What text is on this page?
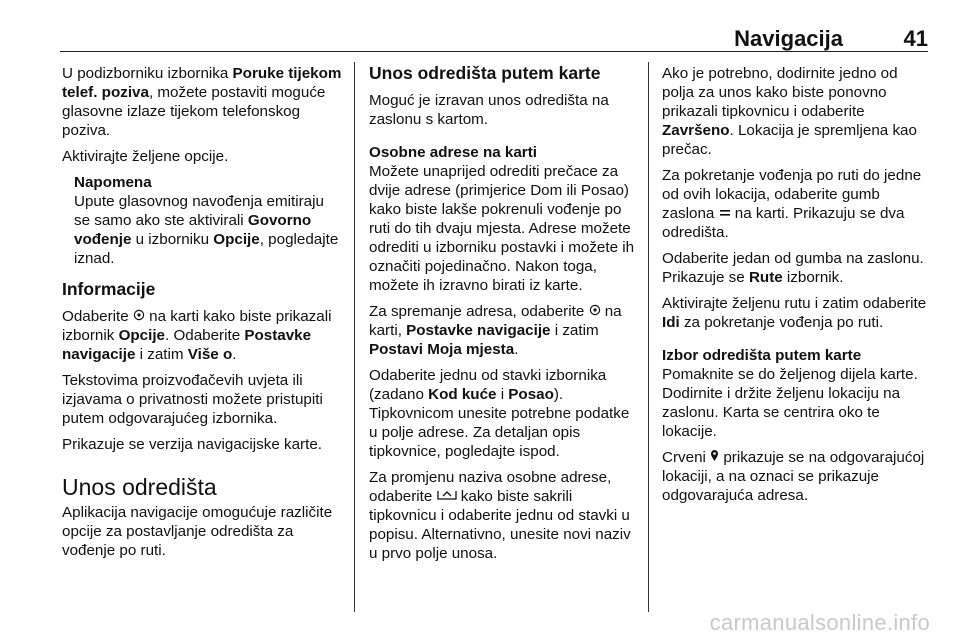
Navigacija	41

U podizborniku izbornika Poruke tijekom telef. poziva, možete postaviti moguće glasovne izlaze tijekom telefonskog poziva.

Aktivirajte željene opcije.

Napomena

Upute glasovnog navođenja emitiraju se samo ako ste aktivirali Govorno vođenje u izborniku Opcije, pogledajte iznad.

Informacije

Odaberite  na karti kako biste prikazali izbornik Opcije. Odaberite Postavke navigacije i zatim Više o.

Tekstovima proizvođačevih uvjeta ili izjavama o privatnosti možete pristupiti putem odgovarajućeg izbornika.

Prikazuje se verzija navigacijske karte.

Unos odredišta

Aplikacija navigacije omogućuje različite opcije za postavljanje odredišta za vođenje po ruti.

Unos odredišta putem karte

Moguć je izravan unos odredišta na zaslonu s kartom.

Osobne adrese na karti

Možete unaprijed odrediti prečace za dvije adrese (primjerice Dom ili Posao) kako biste lakše pokrenuli vođenje po ruti do tih dvaju mjesta. Adrese možete odrediti u izborniku postavki i možete ih označiti pojedinačno. Nakon toga, možete ih izravno birati iz karte.

Za spremanje adresa, odaberite  na karti, Postavke navigacije i zatim Postavi Moja mjesta.

Odaberite jednu od stavki izbornika (zadano Kod kuće i Posao). Tipkovnicom unesite potrebne podatke u polje adrese. Za detaljan opis tipkovnice, pogledajte ispod.

Za promjenu naziva osobne adrese, odaberite  kako biste sakrili tipkovnicu i odaberite jednu od stavki u popisu. Alternativno, unesite novi naziv u prvo polje unosa.

Ako je potrebno, dodirnite jedno od polja za unos kako biste ponovno prikazali tipkovnicu i odaberite Završeno. Lokacija je spremljena kao prečac.

Za pokretanje vođenja po ruti do jedne od ovih lokacija, odaberite gumb zaslona  na karti. Prikazuju se dva odredišta.

Odaberite jedan od gumba na zaslonu. Prikazuje se Rute izbornik.

Aktivirajte željenu rutu i zatim odaberite Idi za pokretanje vođenja po ruti.

Izbor odredišta putem karte

Pomaknite se do željenog dijela karte. Dodirnite i držite željenu lokaciju na zaslonu. Karta se centrira oko te lokacije.

Crveni  prikazuje se na odgovarajućoj lokaciji, a na oznaci se prikazuje odgovarajuća adresa.

carmanualsonline.info
